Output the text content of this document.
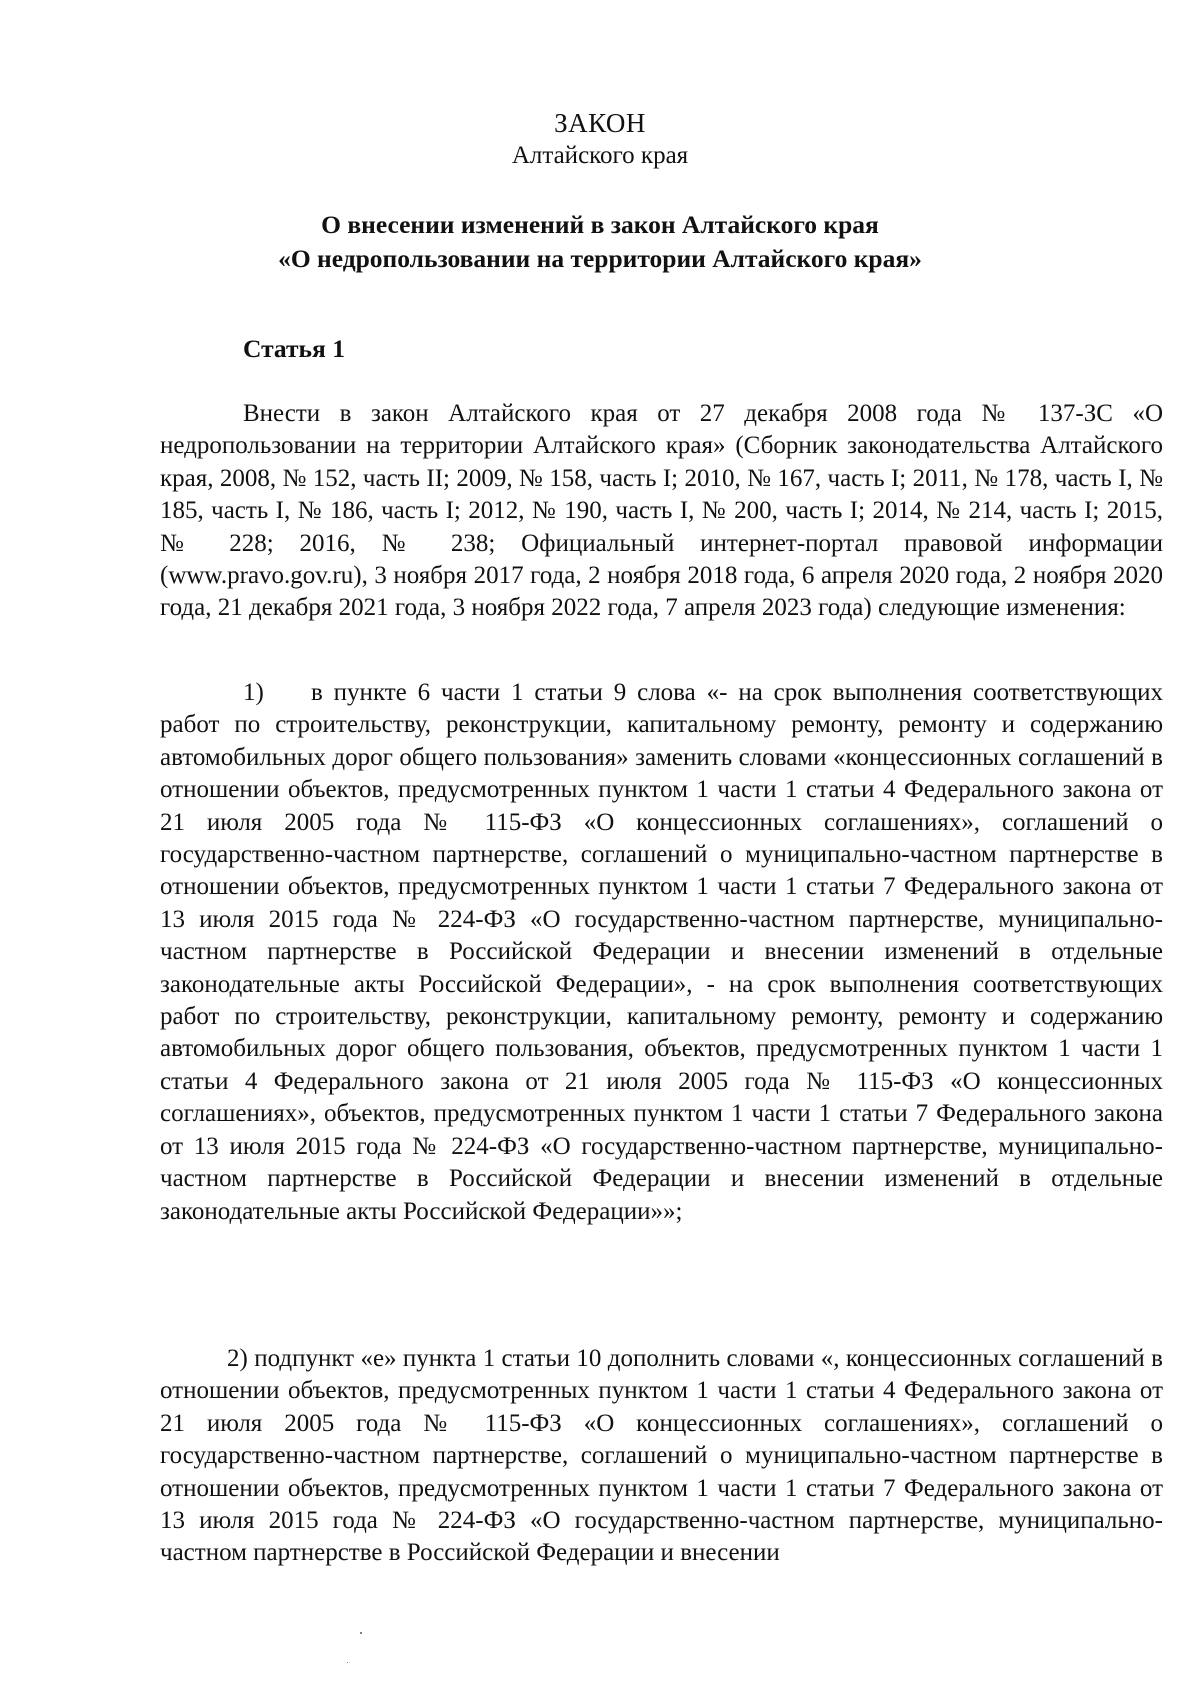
ЗАКОН
Алтайского края
О внесении изменений в закон Алтайского края
«О недропользовании на территории Алтайского края»
Статья 1

Внести в закон Алтайского края от 27 декабря 2008 года № 137-ЗС «О недропользовании на территории Алтайского края» (Сборник законодательства Алтайского края, 2008, № 152, часть II; 2009, № 158, часть I; 2010, № 167, часть I; 2011, № 178, часть I, № 185, часть I, № 186, часть I; 2012, № 190, часть I, № 200, часть I; 2014, № 214, часть I; 2015, № 228; 2016, № 238; Официальный интернет-портал правовой информации (www.pravo.gov.ru), 3 ноября 2017 года, 2 ноября 2018 года, 6 апреля 2020 года, 2 ноября 2020 года, 21 декабря 2021 года, 3 ноября 2022 года, 7 апреля 2023 года) следующие изменения:

1) в пункте 6 части 1 статьи 9 слова «- на срок выполнения соответствующих работ по строительству, реконструкции, капитальному ремонту, ремонту и содержанию автомобильных дорог общего пользования» заменить словами «концессионных соглашений в отношении объектов, предусмотренных пунктом 1 части 1 статьи 4 Федерального закона от 21 июля 2005 года № 115-ФЗ «О концессионных соглашениях», соглашений о государственно-частном партнерстве, соглашений о муниципально-частном партнерстве в отношении объектов, предусмотренных пунктом 1 части 1 статьи 7 Федерального закона от 13 июля 2015 года № 224-ФЗ «О государственно-частном партнерстве, муниципально-частном партнерстве в Российской Федерации и внесении изменений в отдельные законодательные акты Российской Федерации», - на срок выполнения соответствующих работ по строительству, реконструкции, капитальному ремонту, ремонту и содержанию автомобильных дорог общего пользования, объектов, предусмотренных пунктом 1 части 1 статьи 4 Федерального закона от 21 июля 2005 года № 115-ФЗ «О концессионных соглашениях», объектов, предусмотренных пунктом 1 части 1 статьи 7 Федерального закона от 13 июля 2015 года № 224-ФЗ «О государственно-частном партнерстве, муниципально-частном партнерстве в Российской Федерации и внесении изменений в отдельные законодательные акты Российской Федерации»»;

2) подпункт «е» пункта 1 статьи 10 дополнить словами «, концессионных соглашений в отношении объектов, предусмотренных пунктом 1 части 1 статьи 4 Федерального закона от 21 июля 2005 года № 115-ФЗ «О концессионных соглашениях», соглашений о государственно-частном партнерстве, соглашений о муниципально-частном партнерстве в отношении объектов, предусмотренных пунктом 1 части 1 статьи 7 Федерального закона от 13 июля 2015 года № 224-ФЗ «О государственно-частном партнерстве, муниципально-частном партнерстве в Российской Федерации и внесении
